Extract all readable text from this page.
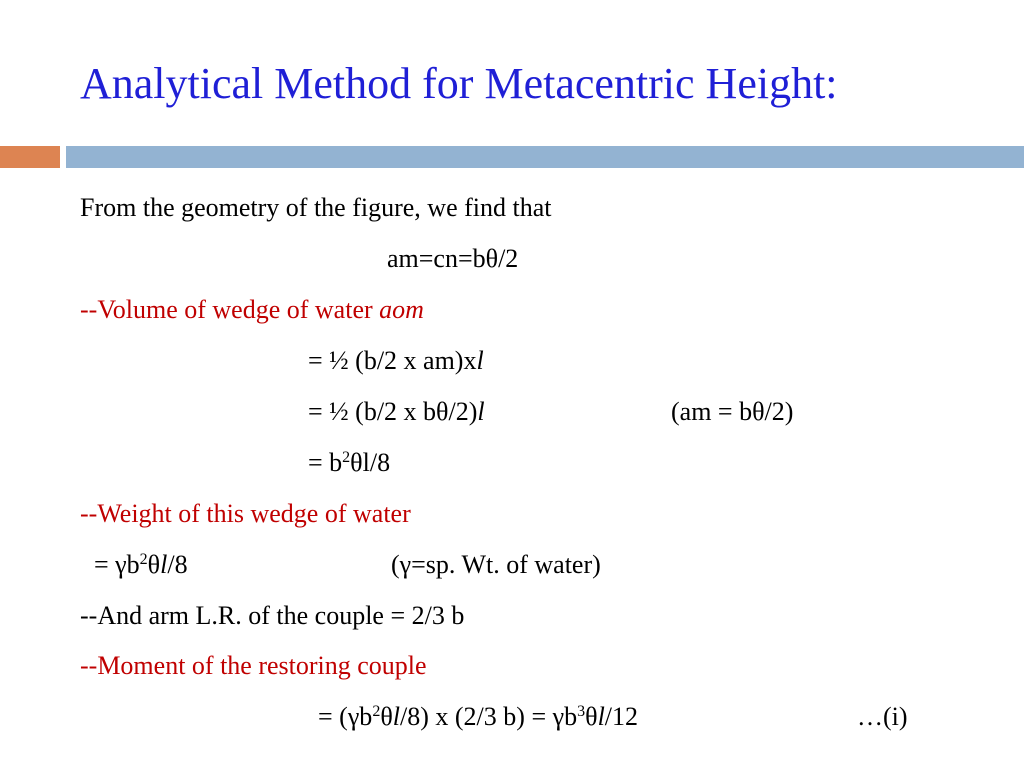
Analytical Method for Metacentric Height:
From the geometry of the figure, we find that
am=cn=bθ/2
--Volume of wedge of water aom
= ½ (b/2 x am)xl
= ½ (b/2 x bθ/2)l	(am = bθ/2)
= $b^2\theta l/8$
--Weight of this wedge of water
= $\gamma b^2\theta l/8$	(γ=sp. Wt. of water)
--And arm L.R. of the couple = 2/3 b
--Moment of the restoring couple
= $(\gamma b^2\theta l/8)$ x (2/3 $b) = \gamma b^3\theta l/12$	…(i)
